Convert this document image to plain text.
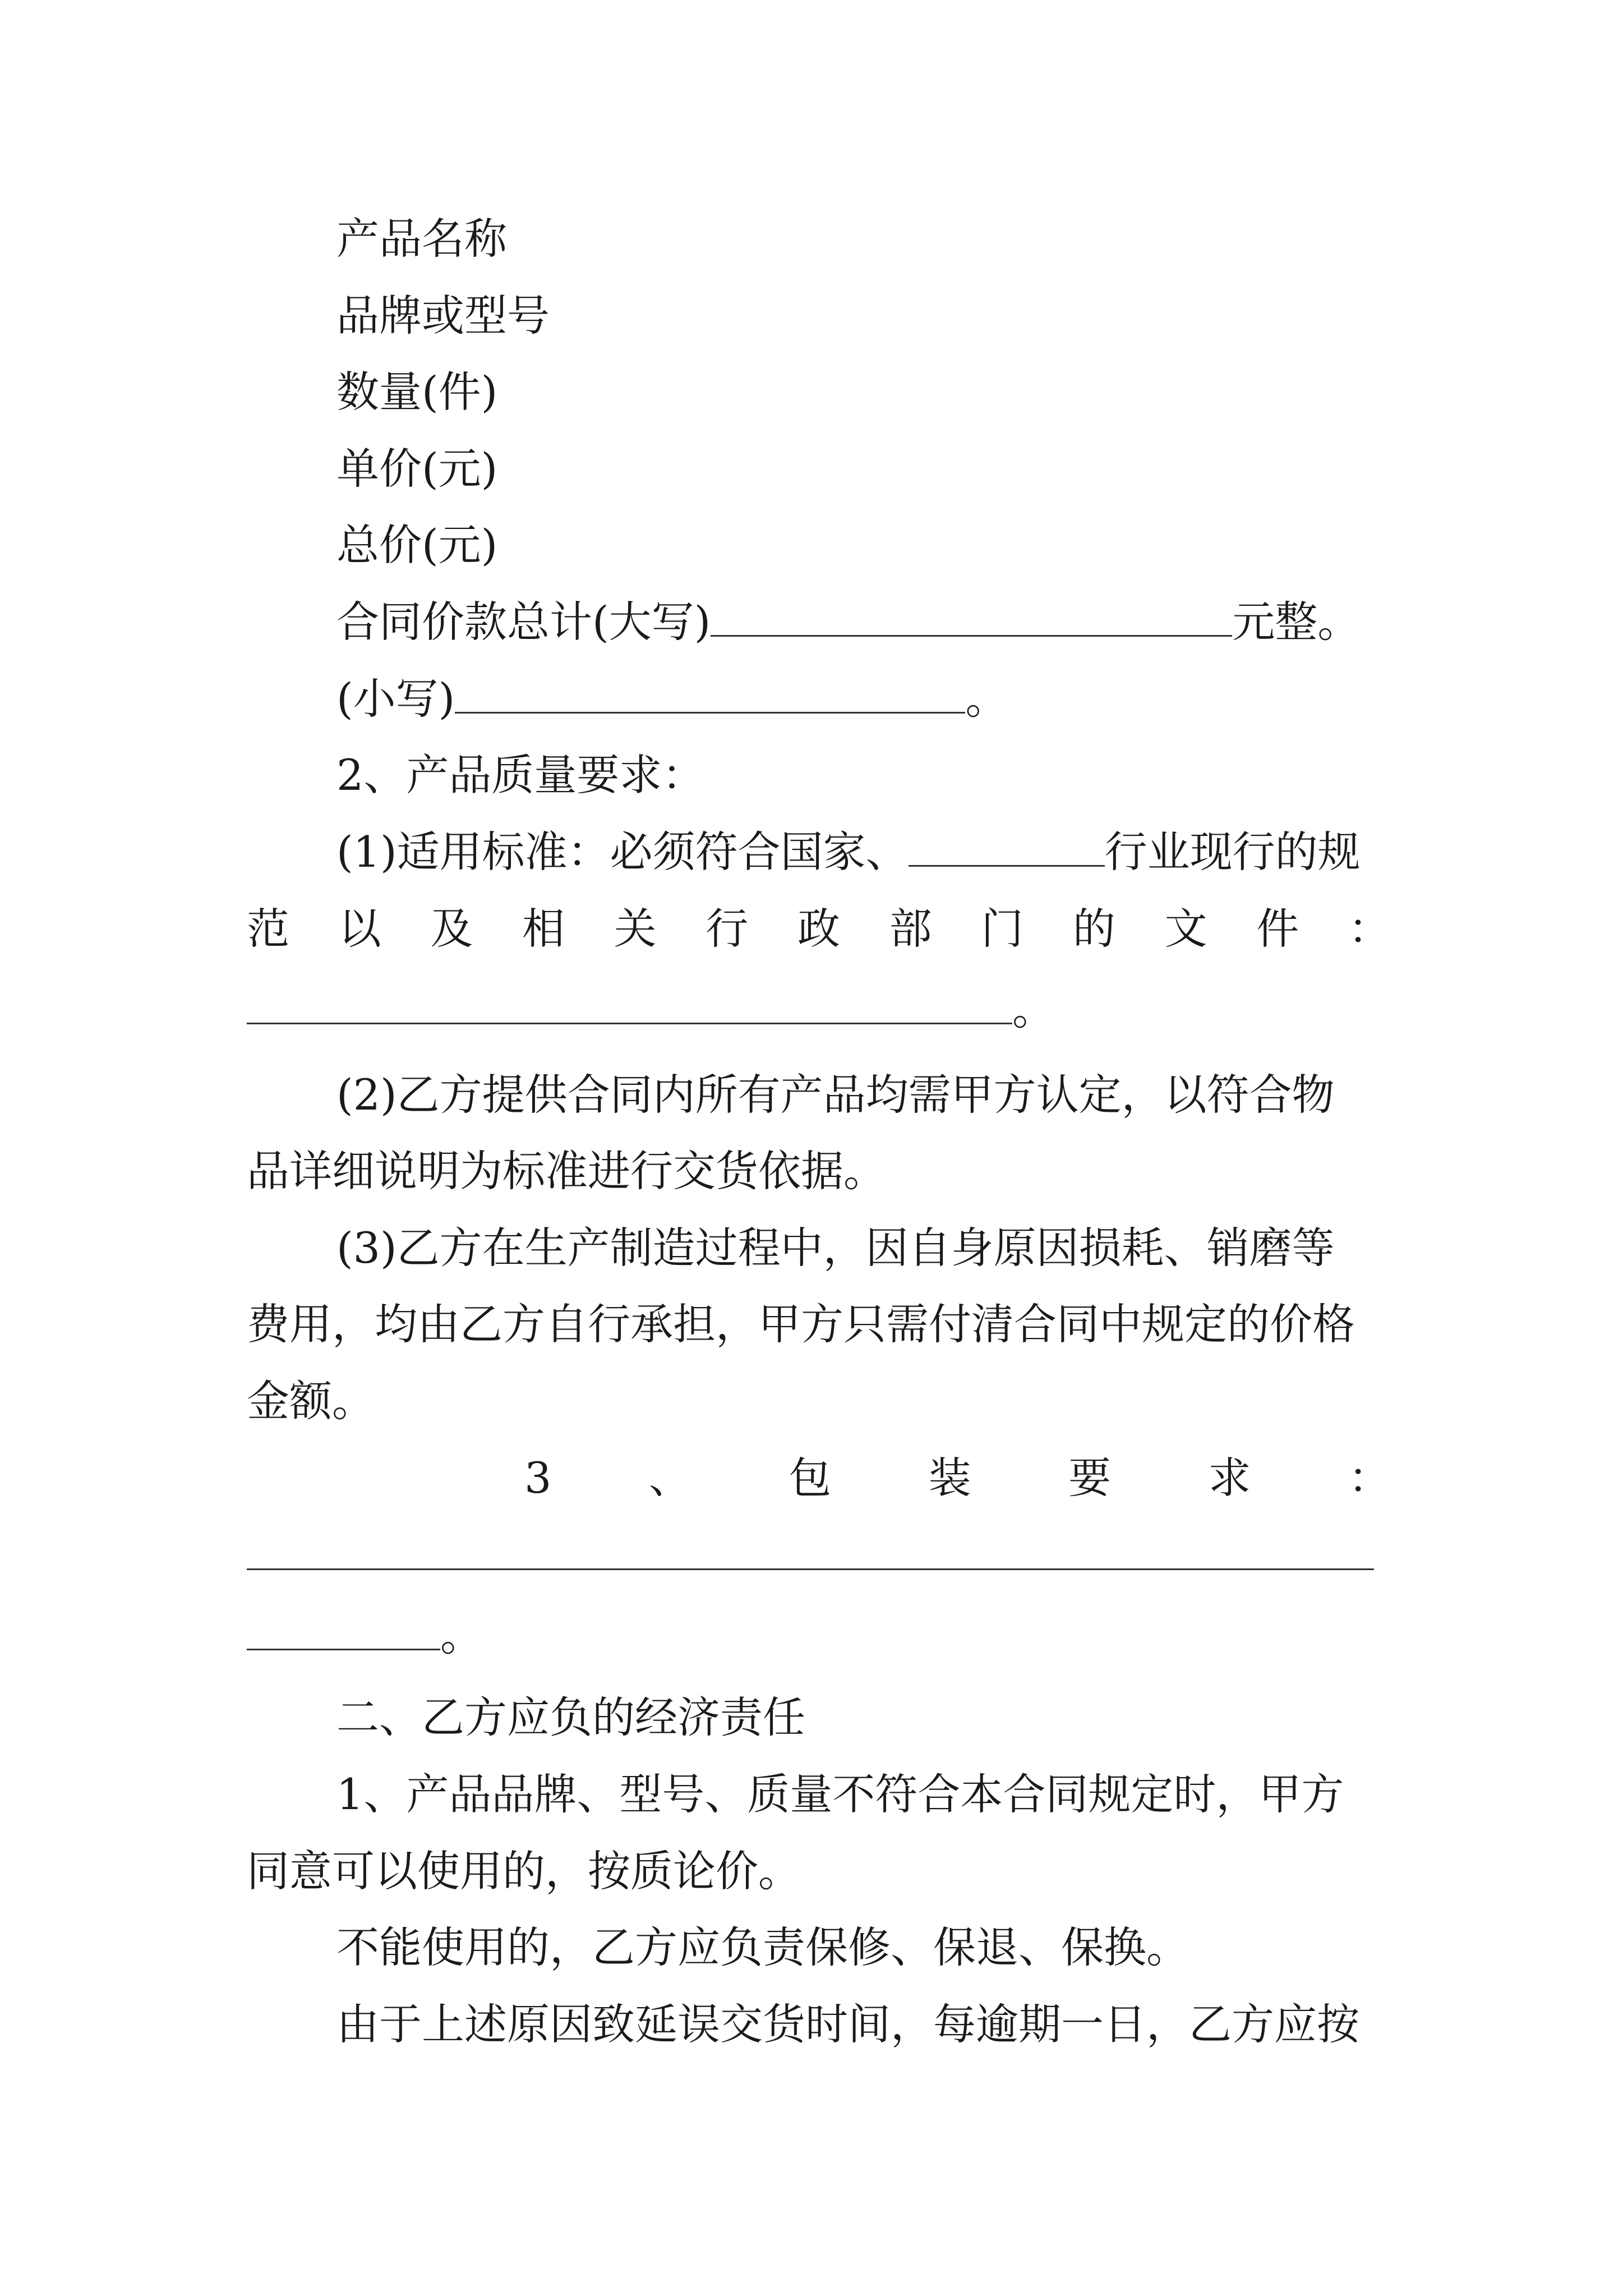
产品名称
品牌或型号
数量(件)
单价(元)
总价(元)
合同价款总计(大写)	元整。
(小写)	。
2、产品质量要求：
(1)适用标准：必须符合国家、	行业现行的规
范 以 及 相 关 行 政 部 门 的 文 件 ：
。
(2)乙方提供合同内所有产品均需甲方认定，以符合物
品详细说明为标准进行交货依据。
(3)乙方在生产制造过程中，因自身原因损耗、销磨等
费用，均由乙方自行承担，甲方只需付清合同中规定的价格
金额。
3 、 包 装 要 求 ：
。
二、乙方应负的经济责任
1、产品品牌、型号、质量不符合本合同规定时，甲方
同意可以使用的，按质论价。
不能使用的，乙方应负责保修、保退、保换。
由于上述原因致延误交货时间，每逾期一日，乙方应按
